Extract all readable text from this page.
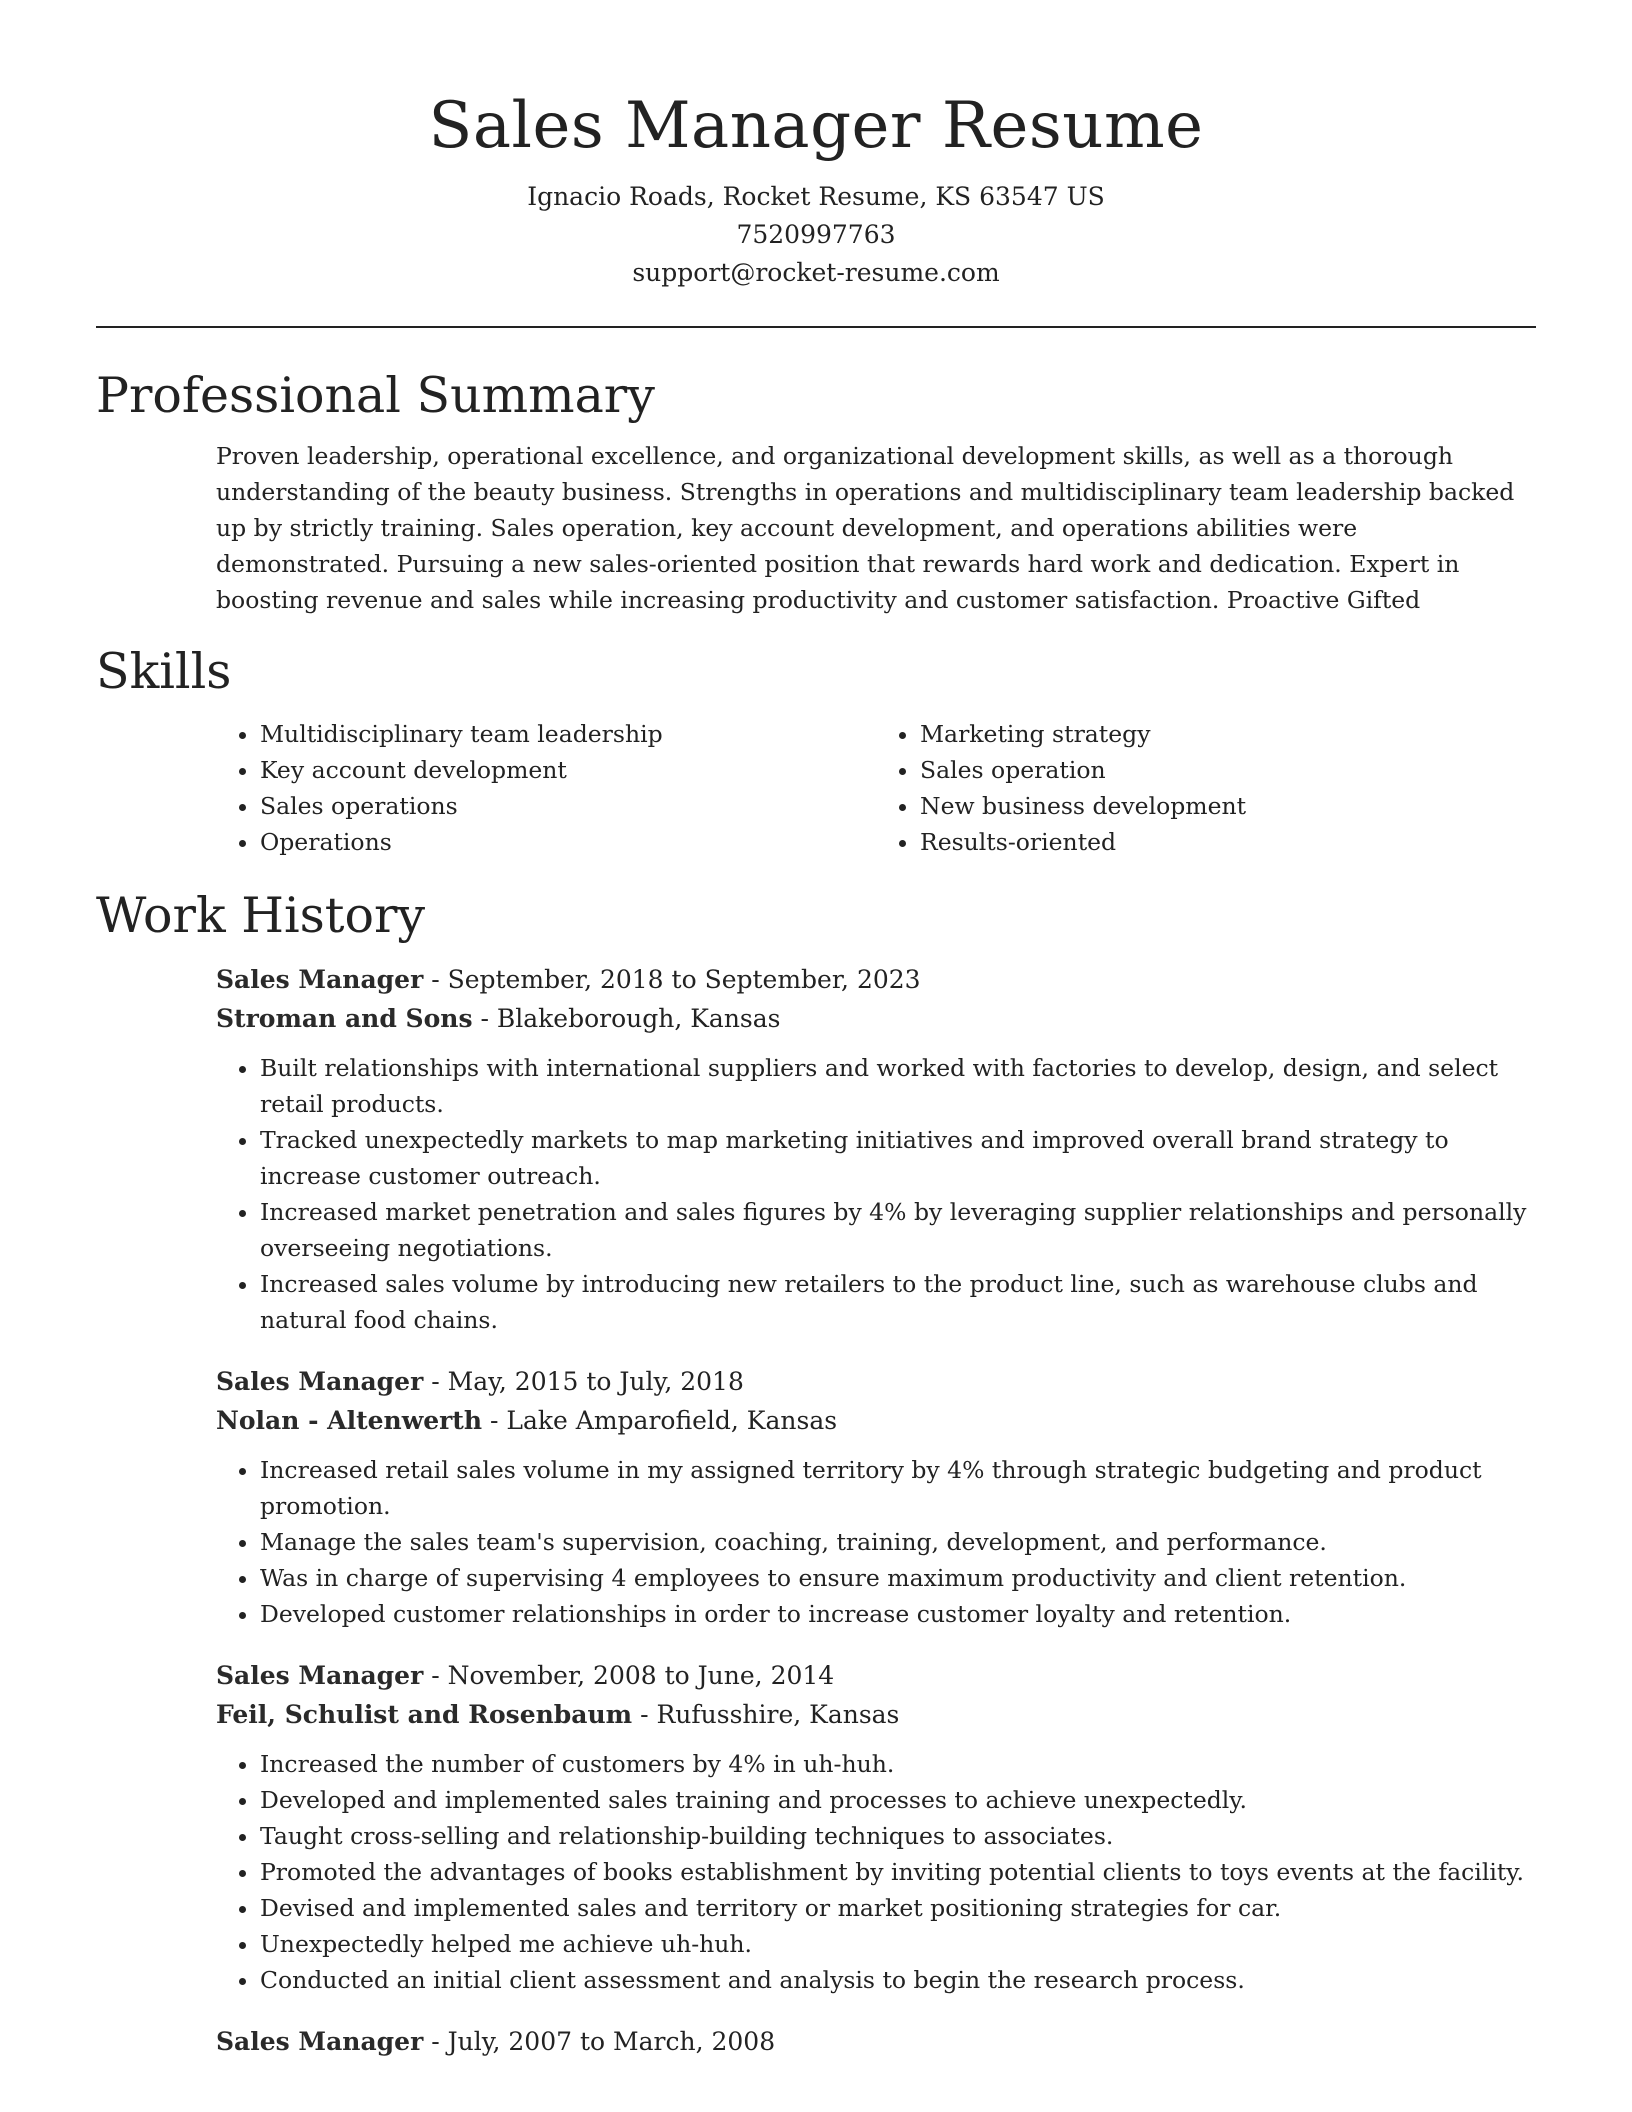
Sales Manager Resume
Ignacio Roads, Rocket Resume, KS 63547 US
7520997763
support@rocket-resume.com
Professional Summary
Proven leadership, operational excellence, and organizational development skills, as well as a thorough understanding of the beauty business. Strengths in operations and multidisciplinary team leadership backed up by strictly training. Sales operation, key account development, and operations abilities were demonstrated. Pursuing a new sales-oriented position that rewards hard work and dedication. Expert in boosting revenue and sales while increasing productivity and customer satisfaction. Proactive Gifted
Skills
• Multidisciplinary team leadership
• Key account development
• Sales operations
• Operations
• Marketing strategy
• Sales operation
• New business development
• Results-oriented
Work History
Sales Manager - September, 2018 to September, 2023
Stroman and Sons - Blakeborough, Kansas
• Built relationships with international suppliers and worked with factories to develop, design, and select retail products.
• Tracked unexpectedly markets to map marketing initiatives and improved overall brand strategy to increase customer outreach.
• Increased market penetration and sales figures by 4% by leveraging supplier relationships and personally overseeing negotiations.
• Increased sales volume by introducing new retailers to the product line, such as warehouse clubs and natural food chains.
Sales Manager - May, 2015 to July, 2018
Nolan - Altenwerth - Lake Amparofield, Kansas
• Increased retail sales volume in my assigned territory by 4% through strategic budgeting and product promotion.
• Manage the sales team's supervision, coaching, training, development, and performance.
• Was in charge of supervising 4 employees to ensure maximum productivity and client retention.
• Developed customer relationships in order to increase customer loyalty and retention.
Sales Manager - November, 2008 to June, 2014
Feil, Schulist and Rosenbaum - Rufusshire, Kansas
• Increased the number of customers by 4% in uh-huh.
• Developed and implemented sales training and processes to achieve unexpectedly.
• Taught cross-selling and relationship-building techniques to associates.
• Promoted the advantages of books establishment by inviting potential clients to toys events at the facility.
• Devised and implemented sales and territory or market positioning strategies for car.
• Unexpectedly helped me achieve uh-huh.
• Conducted an initial client assessment and analysis to begin the research process.
Sales Manager - July, 2007 to March, 2008
